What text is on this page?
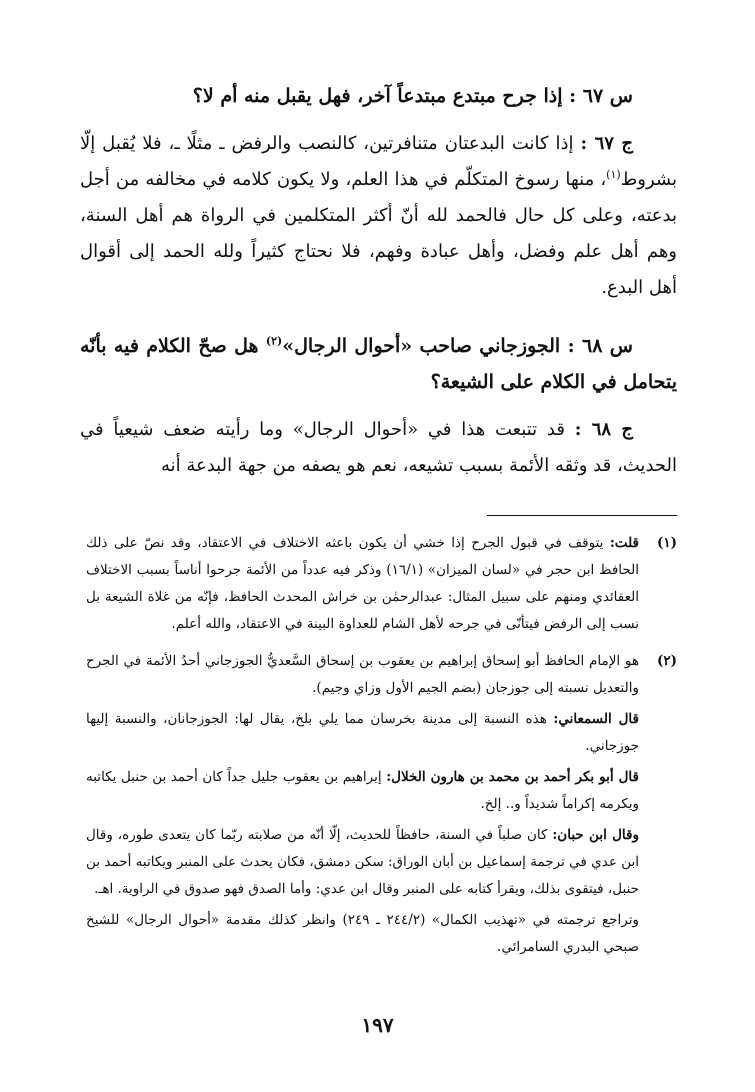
س ٦٧ : إذا جرح مبتدع مبتدعاً آخر، فهل يقبل منه أم لا؟

ج ٦٧ : إذا كانت البدعتان متنافرتين، كالنصب والرفض ـ مثلًا ـ، فلا يُقبل إلّا بشروط$^{(١)}$، منها رسوخ المتكلّم في هذا العلم، ولا يكون كلامه في مخالفه من أجل بدعته، وعلى كل حال فالحمد لله أنّ أكثر المتكلمين في الرواة هم أهل السنة، وهم أهل علم وفضل، وأهل عبادة وفهم، فلا نحتاج كثيراً ولله الحمد إلى أقوال أهل البدع.

س ٦٨ : الجوزجاني صاحب «أحوال الرجال»$^{(٢)}$ هل صحّ الكلام فيه بأنّه يتحامل في الكلام على الشيعة؟

ج ٦٨ : قد تتبعت هذا في «أحوال الرجال» وما رأيته ضعف شيعياً في الحديث، قد وثقه الأئمة بسبب تشيعه، نعم هو يصفه من جهة البدعة أنه

(١)

قلت: يتوقف في قبول الجرح إذا خشي أن يكون باعثه الاختلاف في الاعتقاد، وقد نصّ على ذلك الحافظ ابن حجر في «لسان الميزان» (١٦/١) وذكر فيه عدداً من الأئمة جرحوا أناساً بسبب الاختلاف العقائدي ومنهم على سبيل المثال: عبدالرحمٰن بن خراش المحدث الحافظ، فإنّه من غلاة الشيعة بل نسب إلى الرفض فيتأنّى في جرحه لأهل الشام للعداوة البينة في الاعتقاد، والله أعلم.

(٢)

هو الإمام الحافظ أبو إسحاق إبراهيم بن يعقوب بن إسحاق السَّعديُّ الجوزجاني أحدُ الأئمة في الجرح والتعديل نسبته إلى جوزجان (بضم الجيم الأول وزاي وجيم).

قال السمعاني: هذه النسبة إلى مدينة بخرسان مما يلي بلخ، يقال لها: الجوزجانان، والنسبة إليها جوزجاني.

قال أبو بكر أحمد بن محمد بن هارون الخلال: إبراهيم بن يعقوب جليل جداً كان أحمد بن حنبل يكاتبه ويكرمه إكراماً شديداً و.. إلخ.

وقال ابن حبان: كان صلباً في السنة، حافظاً للحديث، إلّا أنّه من صلابته ربّما كان يتعدى طوره، وقال ابن عدي في ترجمة إسماعيل بن أبان الوراق: سكن دمشق، فكان يحدث على المنبر ويكاتبه أحمد بن حنبل، فيتقوى بذلك، ويقرأ كتابه على المنبر وقال ابن عدي: وأما الصدق فهو صدوق في الراوية. اهـ.

وتراجع ترجمته في «تهذيب الكمال» (٢٤٤/٢ ـ ٢٤٩) وانظر كذلك مقدمة «أحوال الرجال» للشيخ صبحي البدري السامرائي.

١٩٧
